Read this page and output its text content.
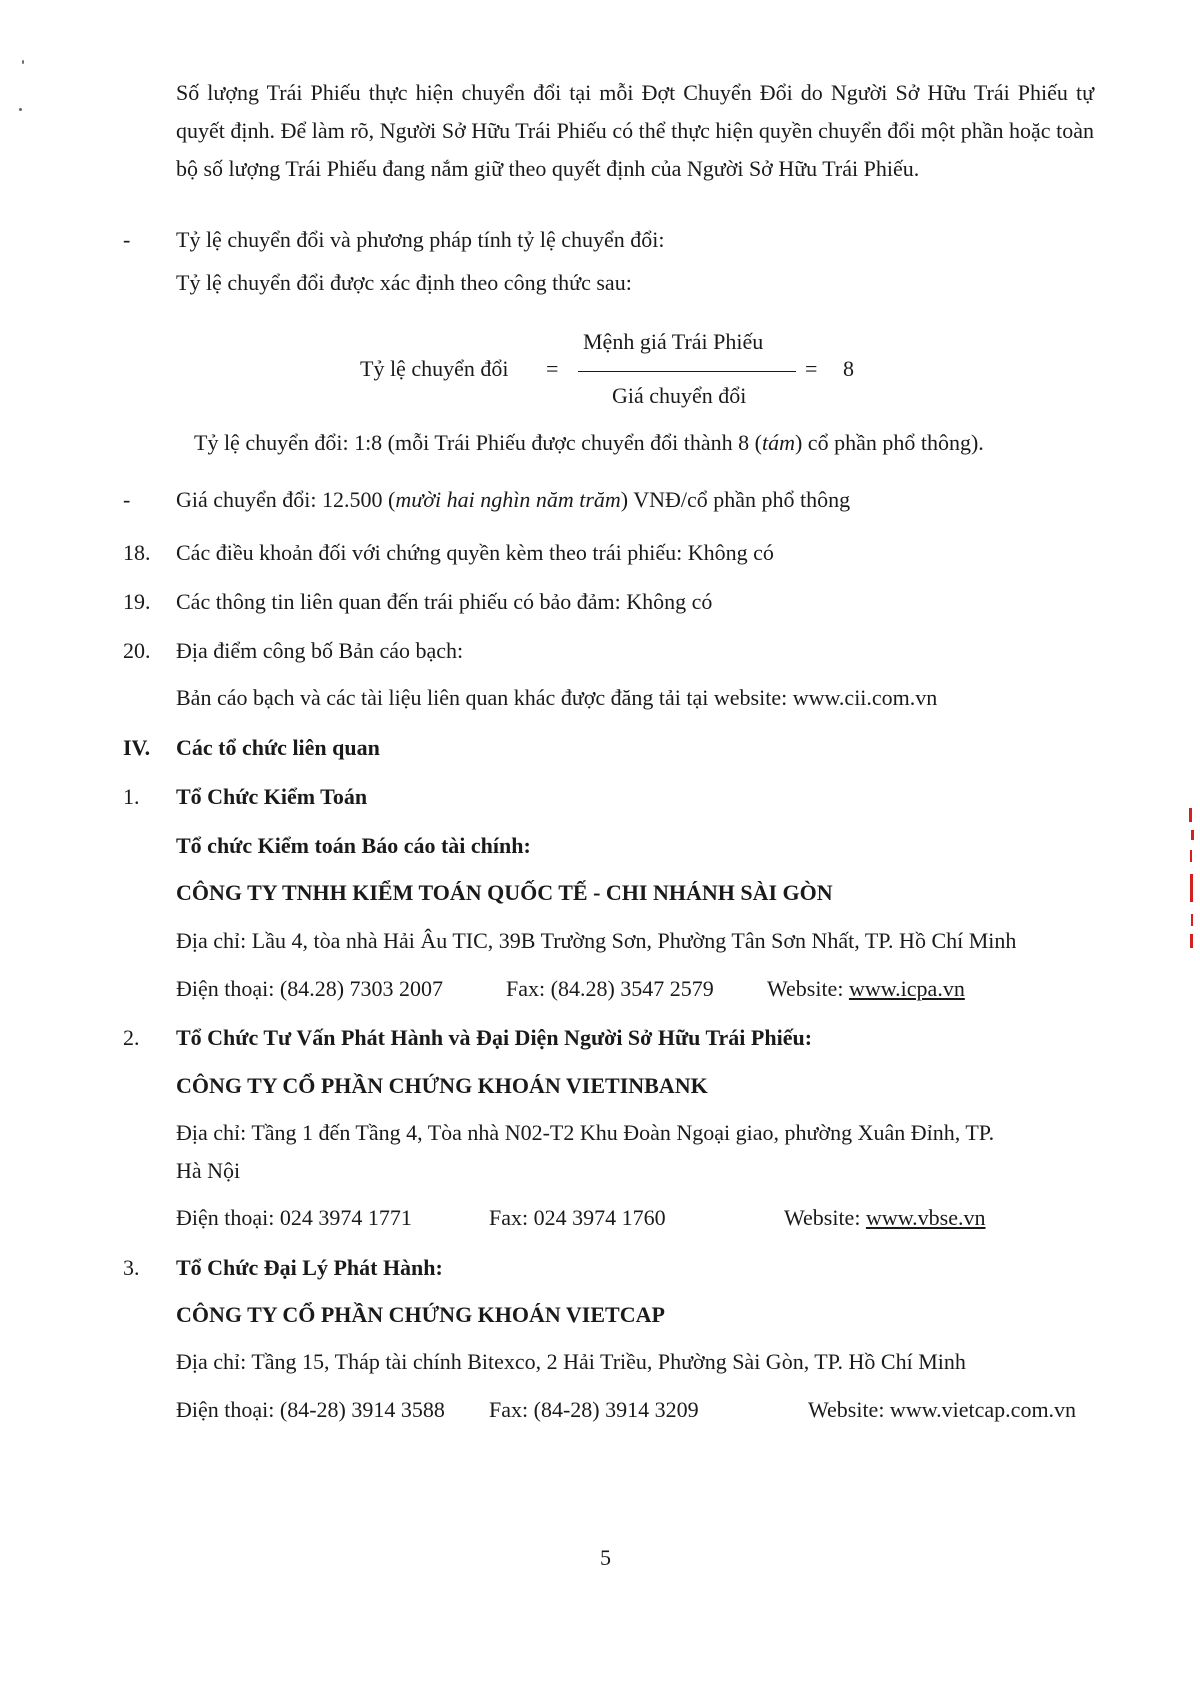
Số lượng Trái Phiếu thực hiện chuyển đổi tại mỗi Đợt Chuyển Đổi do Người Sở Hữu Trái Phiếu tự quyết định. Để làm rõ, Người Sở Hữu Trái Phiếu có thể thực hiện quyền chuyển đổi một phần hoặc toàn bộ số lượng Trái Phiếu đang nắm giữ theo quyết định của Người Sở Hữu Trái Phiếu.
- Tỷ lệ chuyển đổi và phương pháp tính tỷ lệ chuyển đổi:
Tỷ lệ chuyển đổi được xác định theo công thức sau:
Tỷ lệ chuyển đổi =
Mệnh giá Trái Phiếu
Giá chuyển đổi
= 8
Tỷ lệ chuyển đổi: 1:8 (mỗi Trái Phiếu được chuyển đổi thành 8 (tám) cổ phần phổ thông).
- Giá chuyển đổi: 12.500 (mười hai nghìn năm trăm) VNĐ/cổ phần phổ thông
18. Các điều khoản đối với chứng quyền kèm theo trái phiếu: Không có
19. Các thông tin liên quan đến trái phiếu có bảo đảm: Không có
20. Địa điểm công bố Bản cáo bạch:
Bản cáo bạch và các tài liệu liên quan khác được đăng tải tại website: www.cii.com.vn
IV. Các tổ chức liên quan
1. Tổ Chức Kiểm Toán
Tổ chức Kiểm toán Báo cáo tài chính:
CÔNG TY TNHH KIỂM TOÁN QUỐC TẾ - CHI NHÁNH SÀI GÒN
Địa chỉ: Lầu 4, tòa nhà Hải Âu TIC, 39B Trường Sơn, Phường Tân Sơn Nhất, TP. Hồ Chí Minh
Điện thoại: (84.28) 7303 2007	Fax: (84.28) 3547 2579 Website: www.icpa.vn
2. Tổ Chức Tư Vấn Phát Hành và Đại Diện Người Sở Hữu Trái Phiếu:
CÔNG TY CỔ PHẦN CHỨNG KHOÁN VIETINBANK
Địa chỉ: Tầng 1 đến Tầng 4, Tòa nhà N02-T2 Khu Đoàn Ngoại giao, phường Xuân Đỉnh, TP.
Hà Nội
Điện thoại: 024 3974 1771	Fax: 024 3974 1760	Website: www.vbse.vn
3. Tổ Chức Đại Lý Phát Hành:
CÔNG TY CỔ PHẦN CHỨNG KHOÁN VIETCAP
Địa chỉ: Tầng 15, Tháp tài chính Bitexco, 2 Hải Triều, Phường Sài Gòn, TP. Hồ Chí Minh
Điện thoại: (84-28) 3914 3588 Fax: (84-28) 3914 3209	Website: www.vietcap.com.vn
5
